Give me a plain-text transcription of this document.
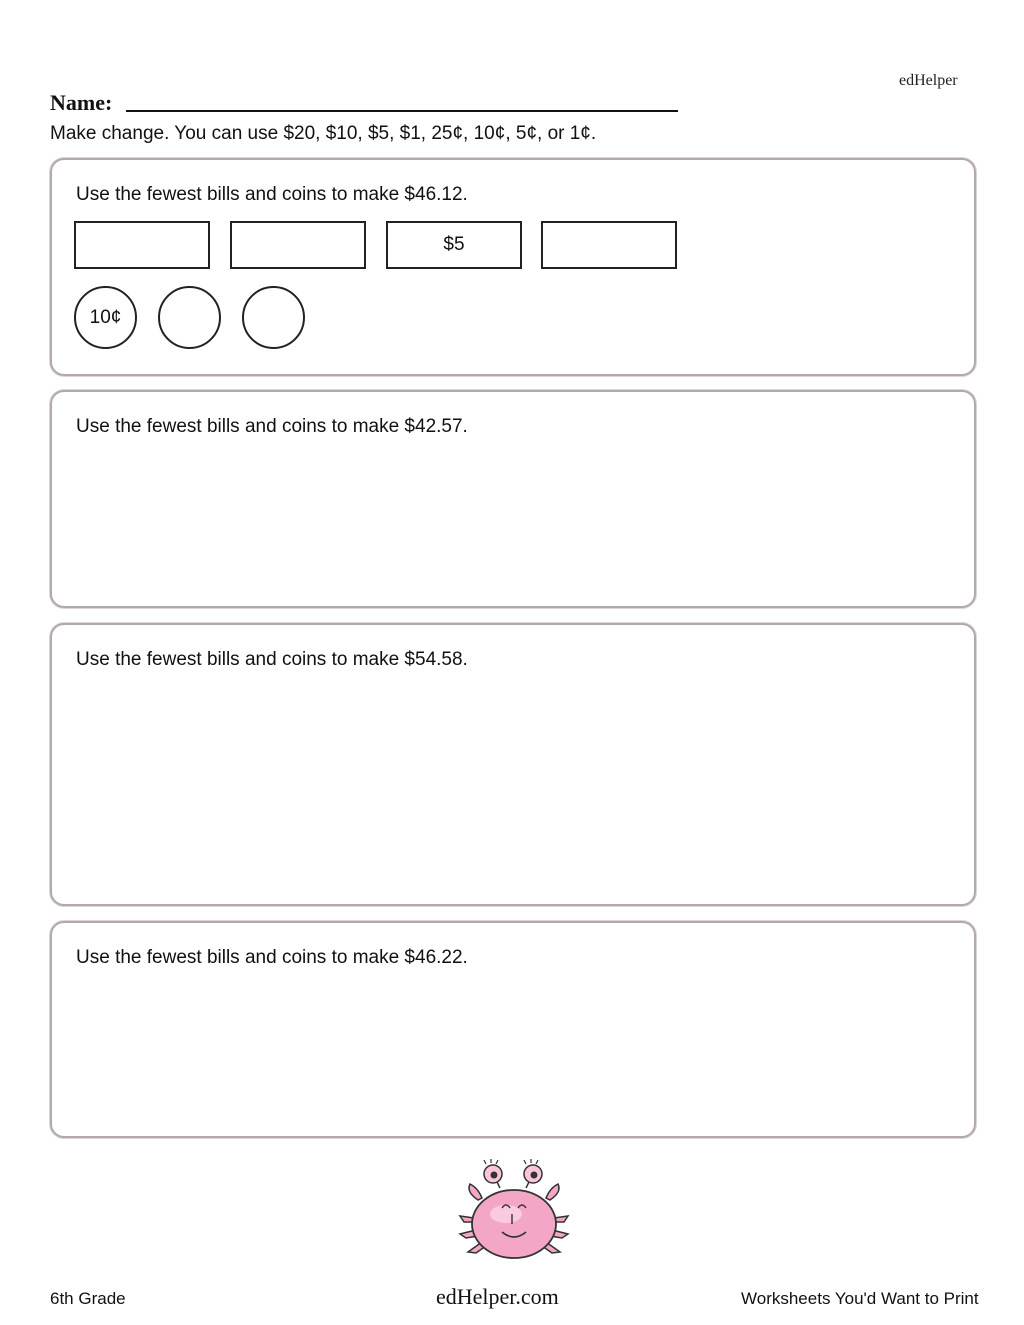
edHelper
Name:
Make change. You can use $20, $10, $5, $1, 25¢, 10¢, 5¢, or 1¢.
Use the fewest bills and coins to make $46.12.
$5
10¢
Use the fewest bills and coins to make $42.57.
Use the fewest bills and coins to make $54.58.
Use the fewest bills and coins to make $46.22.
6th Grade	edHelper.com	Worksheets You'd Want to Print
